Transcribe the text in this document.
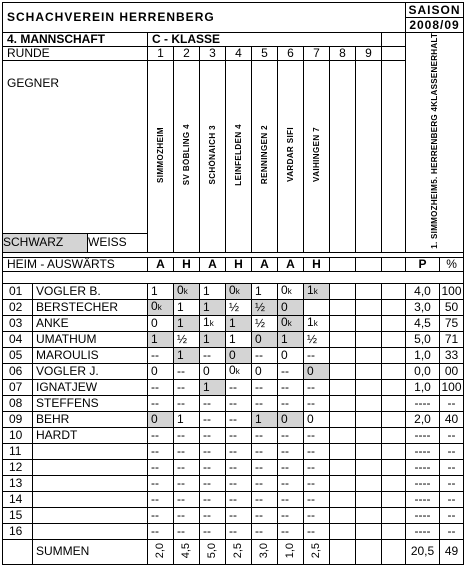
SCHACHVEREIN HERRENBERG													SAISON	
													2008/09	
4. MANNSCHAFT			C - KLASSE										1. SIMMOZHEIM
5. HERRENBERG 4
KLASSENERHALT	

RUNDE			1	2	3	4	5	6	7	8	9			
GEGNER			SIMMOZHEIM	SV BÖBLING 4	SCHÖNAICH 3	LEINFELDEN 4	RENNINGEN 2	VARDAR SIFI	VAIHINGEN 7					
SCHWARZ		WEISS												

HEIM - AUSWÄRTS			A	H	A	H	A	A	H				P	%

01	VOGLER B.		1	0k	1	0k	1	0k	1k				4,0	100
02	BERSTECHER		0k	1	1	½	½	0					3,0	50
03	ANKE		0	1	1k	1	½	0k	1k				4,5	75
04	UMATHUM		1	½	1	1	0	1	½				5,0	71
05	MAROULIS		--	1	--	0	--	0	--				1,0	33
06	VOGLER J.		0	--	0	0k	0	--	0				0,0	00
07	IGNATJEW		--	--	1	--	--	--	--				1,0	100
08	STEFFENS		--	--	--	--	--	--	--				----	--
09	BEHR		0	1	--	--	1	0	0				2,0	40
10	HARDT		--	--	--	--	--	--	--				----	--
11			--	--	--	--	--	--	--				----	--
12			--	--	--	--	--	--	--				----	--
13			--	--	--	--	--	--	--				----	--
14			--	--	--	--	--	--	--				----	--
15			--	--	--	--	--	--	--				----	--
16			--	--	--	--	--	--	--				----	--
	SUMMEN		2,0	4,5	5,0	2,5	3,0	1,0	2,5				20,5	49
